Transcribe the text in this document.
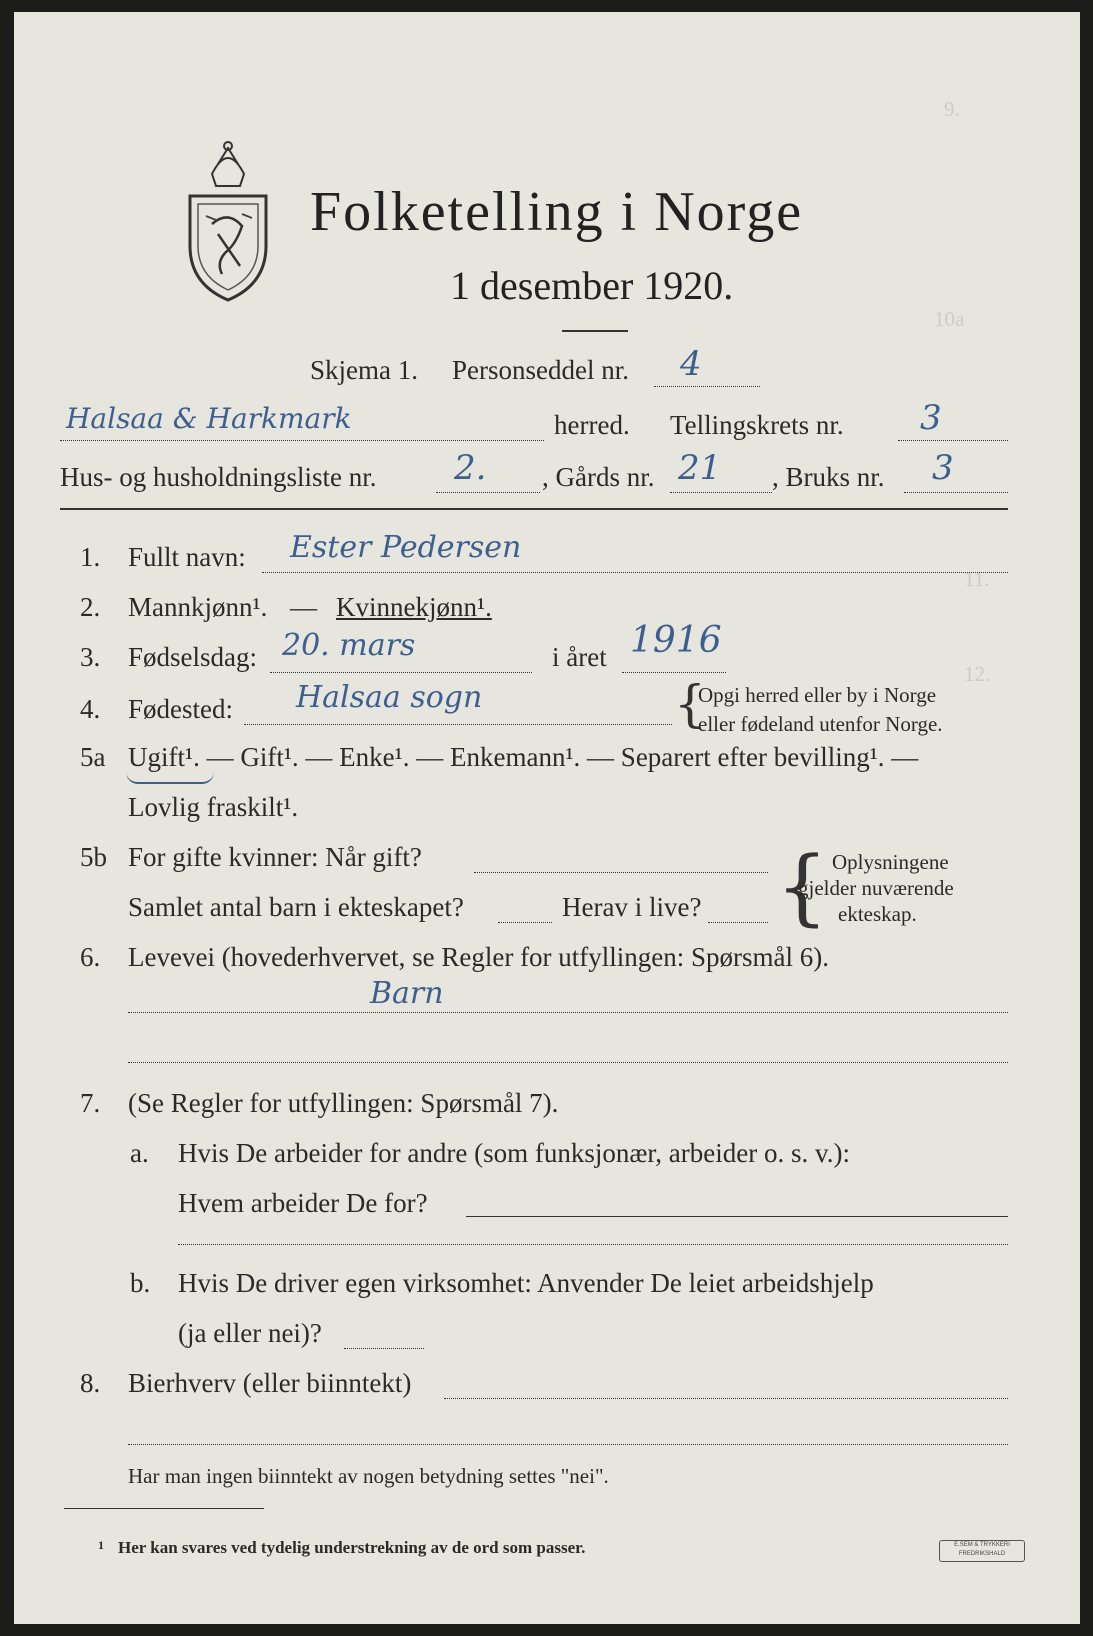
9.
10a
11.
12.
Folketelling i Norge
1 desember 1920.
Skjema 1. Personseddel nr. 4
Halsaa & Harkmark	herred. Tellingskrets nr. 3
Hus- og husholdningsliste nr. 2. , Gårds nr. 21 , Bruks nr. 3
1. Fullt navn: Ester Pedersen
2. Mannkjønn¹. — Kvinnekjønn¹.
3. Fødselsdag: 20. mars	i året 1916
4. Fødested: Halsaa sogn	{
Opgi herred eller by i Norge
eller fødeland utenfor Norge.
5a Ugift¹. — Gift¹. — Enke¹. — Enkemann¹. — Separert efter bevilling¹. —
Lovlig fraskilt¹.
5b For gifte kvinner: Når gift?
Samlet antal barn i ekteskapet?	Herav i live? { Oplysningene
gjelder nuværende
ekteskap.
6. Levevei (hovederhvervet, se Regler for utfyllingen: Spørsmål 6).
Barn
7. (Se Regler for utfyllingen: Spørsmål 7).
a. Hvis De arbeider for andre (som funksjonær, arbeider o. s. v.):
Hvem arbeider De for?
b. Hvis De driver egen virksomhet: Anvender De leiet arbeidshjelp
(ja eller nei)?
8. Bierhverv (eller biinntekt)
Har man ingen biinntekt av nogen betydning settes "nei".
1 Her kan svares ved tydelig understrekning av de ord som passer.	E.SEM & TRYKKERI
FREDRIKSHALD
